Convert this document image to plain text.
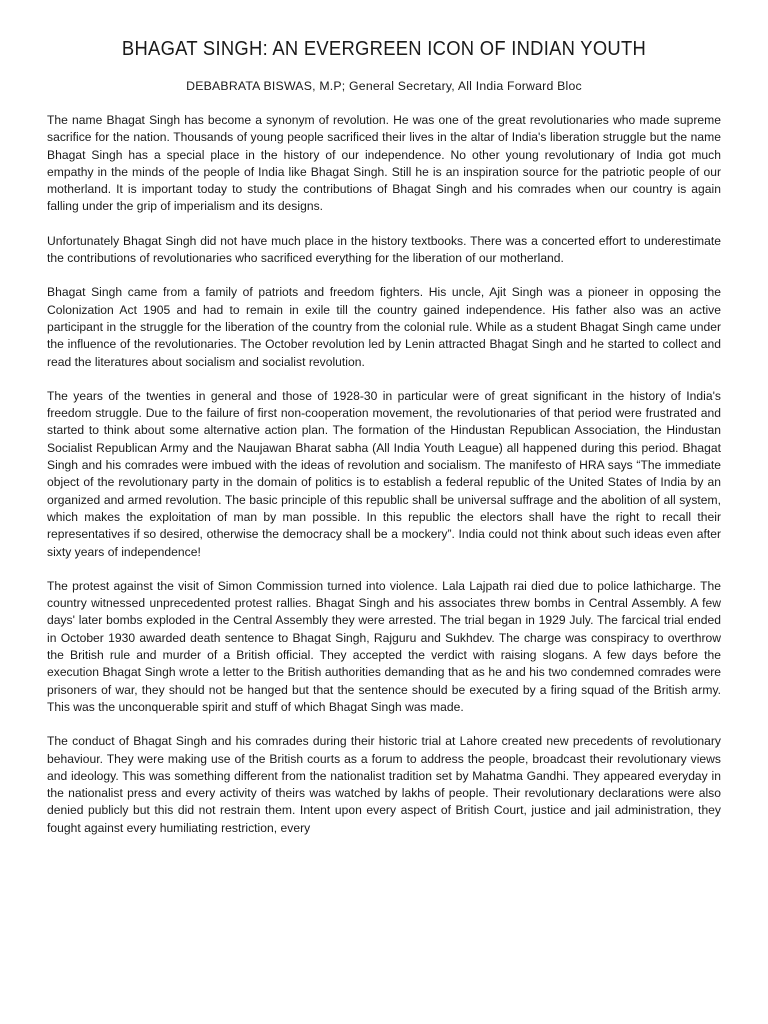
BHAGAT SINGH: AN EVERGREEN ICON OF INDIAN YOUTH
DEBABRATA BISWAS, M.P; General Secretary, All India Forward Bloc

The name Bhagat Singh has become a synonym of revolution. He was one of the great revolutionaries who made supreme sacrifice for the nation. Thousands of young people sacrificed their lives in the altar of India's liberation struggle but the name Bhagat Singh has a special place in the history of our independence. No other young revolutionary of India got much empathy in the minds of the people of India like Bhagat Singh. Still he is an inspiration source for the patriotic people of our motherland. It is important today to study the contributions of Bhagat Singh and his comrades when our country is again falling under the grip of imperialism and its designs.

Unfortunately Bhagat Singh did not have much place in the history textbooks. There was a concerted effort to underestimate the contributions of revolutionaries who sacrificed everything for the liberation of our motherland.

Bhagat Singh came from a family of patriots and freedom fighters. His uncle, Ajit Singh was a pioneer in opposing the Colonization Act 1905 and had to remain in exile till the country gained independence. His father also was an active participant in the struggle for the liberation of the country from the colonial rule. While as a student Bhagat Singh came under the influence of the revolutionaries. The October revolution led by Lenin attracted Bhagat Singh and he started to collect and read the literatures about socialism and socialist revolution.

The years of the twenties in general and those of 1928-30 in particular were of great significant in the history of India's freedom struggle. Due to the failure of first non-cooperation movement, the revolutionaries of that period were frustrated and started to think about some alternative action plan. The formation of the Hindustan Republican Association, the Hindustan Socialist Republican Army and the Naujawan Bharat sabha (All India Youth League) all happened during this period. Bhagat Singh and his comrades were imbued with the ideas of revolution and socialism. The manifesto of HRA says “The immediate object of the revolutionary party in the domain of politics is to establish a federal republic of the United States of India by an organized and armed revolution. The basic principle of this republic shall be universal suffrage and the abolition of all system, which makes the exploitation of man by man possible. In this republic the electors shall have the right to recall their representatives if so desired, otherwise the democracy shall be a mockery”. India could not think about such ideas even after sixty years of independence!

The protest against the visit of Simon Commission turned into violence. Lala Lajpath rai died due to police lathicharge. The country witnessed unprecedented protest rallies. Bhagat Singh and his associates threw bombs in Central Assembly. A few days' later bombs exploded in the Central Assembly they were arrested. The trial began in 1929 July. The farcical trial ended in October 1930 awarded death sentence to Bhagat Singh, Rajguru and Sukhdev. The charge was conspiracy to overthrow the British rule and murder of a British official. They accepted the verdict with raising slogans. A few days before the execution Bhagat Singh wrote a letter to the British authorities demanding that as he and his two condemned comrades were prisoners of war, they should not be hanged but that the sentence should be executed by a firing squad of the British army. This was the unconquerable spirit and stuff of which Bhagat Singh was made.

The conduct of Bhagat Singh and his comrades during their historic trial at Lahore created new precedents of revolutionary behaviour. They were making use of the British courts as a forum to address the people, broadcast their revolutionary views and ideology. This was something different from the nationalist tradition set by Mahatma Gandhi. They appeared everyday in the nationalist press and every activity of theirs was watched by lakhs of people. Their revolutionary declarations were also denied publicly but this did not restrain them. Intent upon every aspect of British Court, justice and jail administration, they fought against every humiliating restriction, every
